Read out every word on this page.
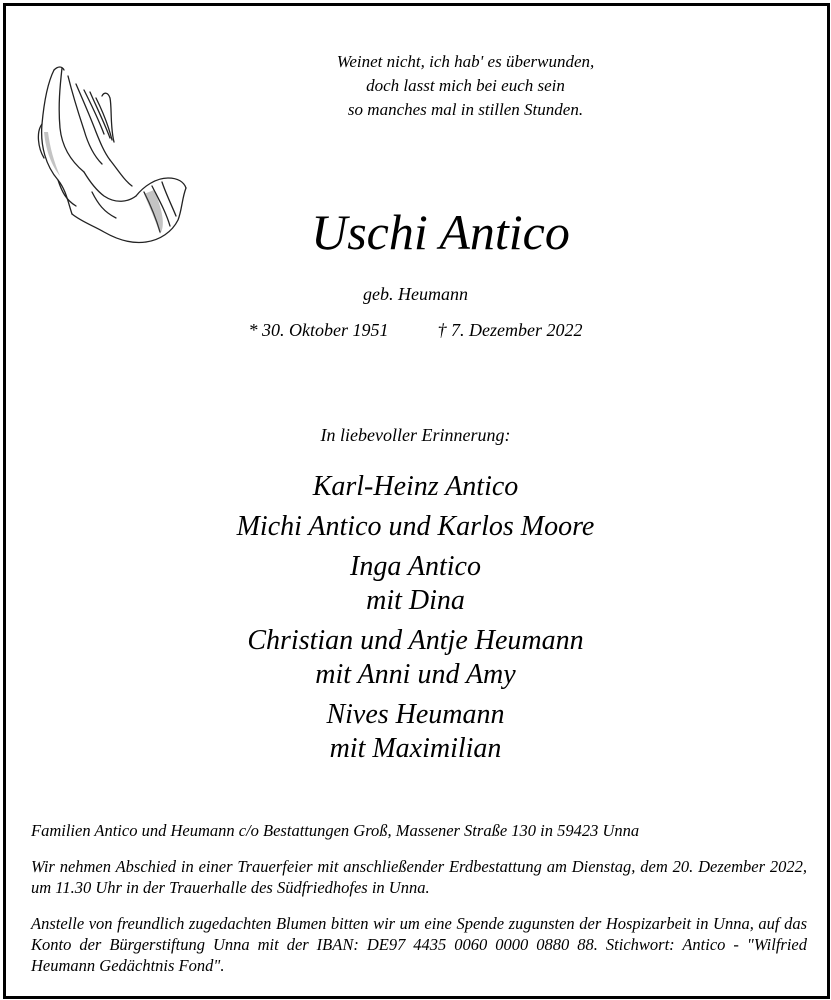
Weinet nicht, ich hab' es überwunden,
doch lasst mich bei euch sein
so manches mal in stillen Stunden.
Uschi Antico
geb. Heumann
* 30. Oktober 1951	† 7. Dezember 2022
In liebevoller Erinnerung:
Karl-Heinz Antico
Michi Antico und Karlos Moore
Inga Antico
mit Dina
Christian und Antje Heumann
mit Anni und Amy
Nives Heumann
mit Maximilian
Familien Antico und Heumann c/o Bestattungen Groß, Massener Straße 130 in 59423 Unna
Wir nehmen Abschied in einer Trauerfeier mit anschließender Erdbestattung am Dienstag, dem 20. Dezember 2022, um 11.30 Uhr in der Trauerhalle des Südfriedhofes in Unna.
Anstelle von freundlich zugedachten Blumen bitten wir um eine Spende zugunsten der Hospizarbeit in Unna, auf das Konto der Bürgerstiftung Unna mit der IBAN: DE97 4435 0060 0000 0880 88. Stichwort: Antico - "Wilfried Heumann Gedächtnis Fond".
